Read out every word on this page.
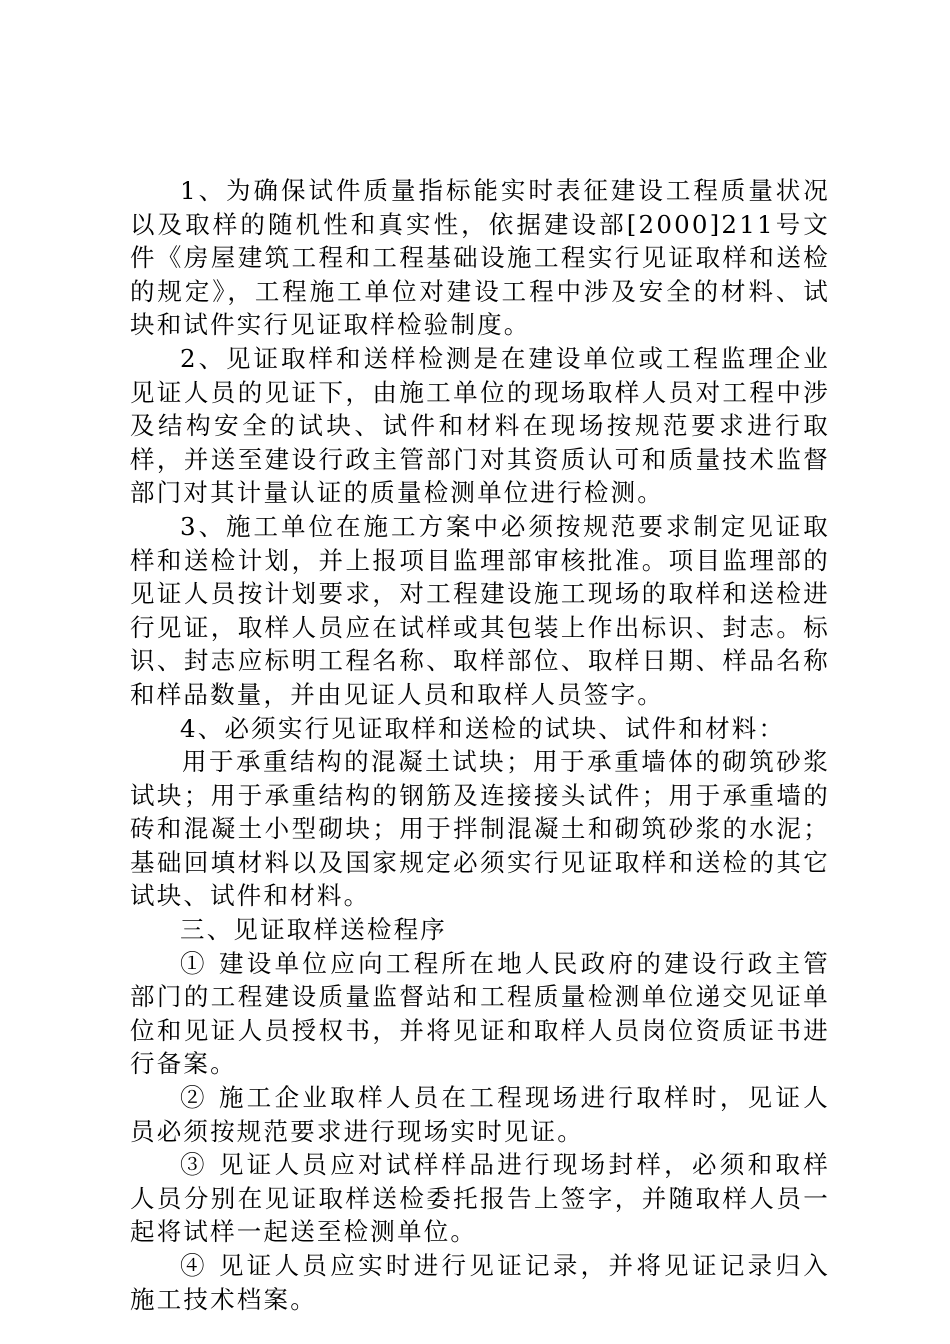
1、为确保试件质量指标能实时表征建设工程质量状况以及取样的随机性和真实性，依据建设部[2000]211号文件《房屋建筑工程和工程基础设施工程实行见证取样和送检的规定》，工程施工单位对建设工程中涉及安全的材料、试块和试件实行见证取样检验制度。

2、见证取样和送样检测是在建设单位或工程监理企业见证人员的见证下，由施工单位的现场取样人员对工程中涉及结构安全的试块、试件和材料在现场按规范要求进行取样，并送至建设行政主管部门对其资质认可和质量技术监督部门对其计量认证的质量检测单位进行检测。

3、施工单位在施工方案中必须按规范要求制定见证取样和送检计划，并上报项目监理部审核批准。项目监理部的见证人员按计划要求，对工程建设施工现场的取样和送检进行见证，取样人员应在试样或其包装上作出标识、封志。标识、封志应标明工程名称、取样部位、取样日期、样品名称和样品数量，并由见证人员和取样人员签字。

4、必须实行见证取样和送检的试块、试件和材料：

用于承重结构的混凝土试块；用于承重墙体的砌筑砂浆试块；用于承重结构的钢筋及连接接头试件；用于承重墙的砖和混凝土小型砌块；用于拌制混凝土和砌筑砂浆的水泥；基础回填材料以及国家规定必须实行见证取样和送检的其它试块、试件和材料。

三、见证取样送检程序

① 建设单位应向工程所在地人民政府的建设行政主管部门的工程建设质量监督站和工程质量检测单位递交见证单位和见证人员授权书，并将见证和取样人员岗位资质证书进行备案。

② 施工企业取样人员在工程现场进行取样时，见证人员必须按规范要求进行现场实时见证。

③ 见证人员应对试样样品进行现场封样，必须和取样人员分别在见证取样送检委托报告上签字，并随取样人员一起将试样一起送至检测单位。

④ 见证人员应实时进行见证记录，并将见证记录归入施工技术档案。
